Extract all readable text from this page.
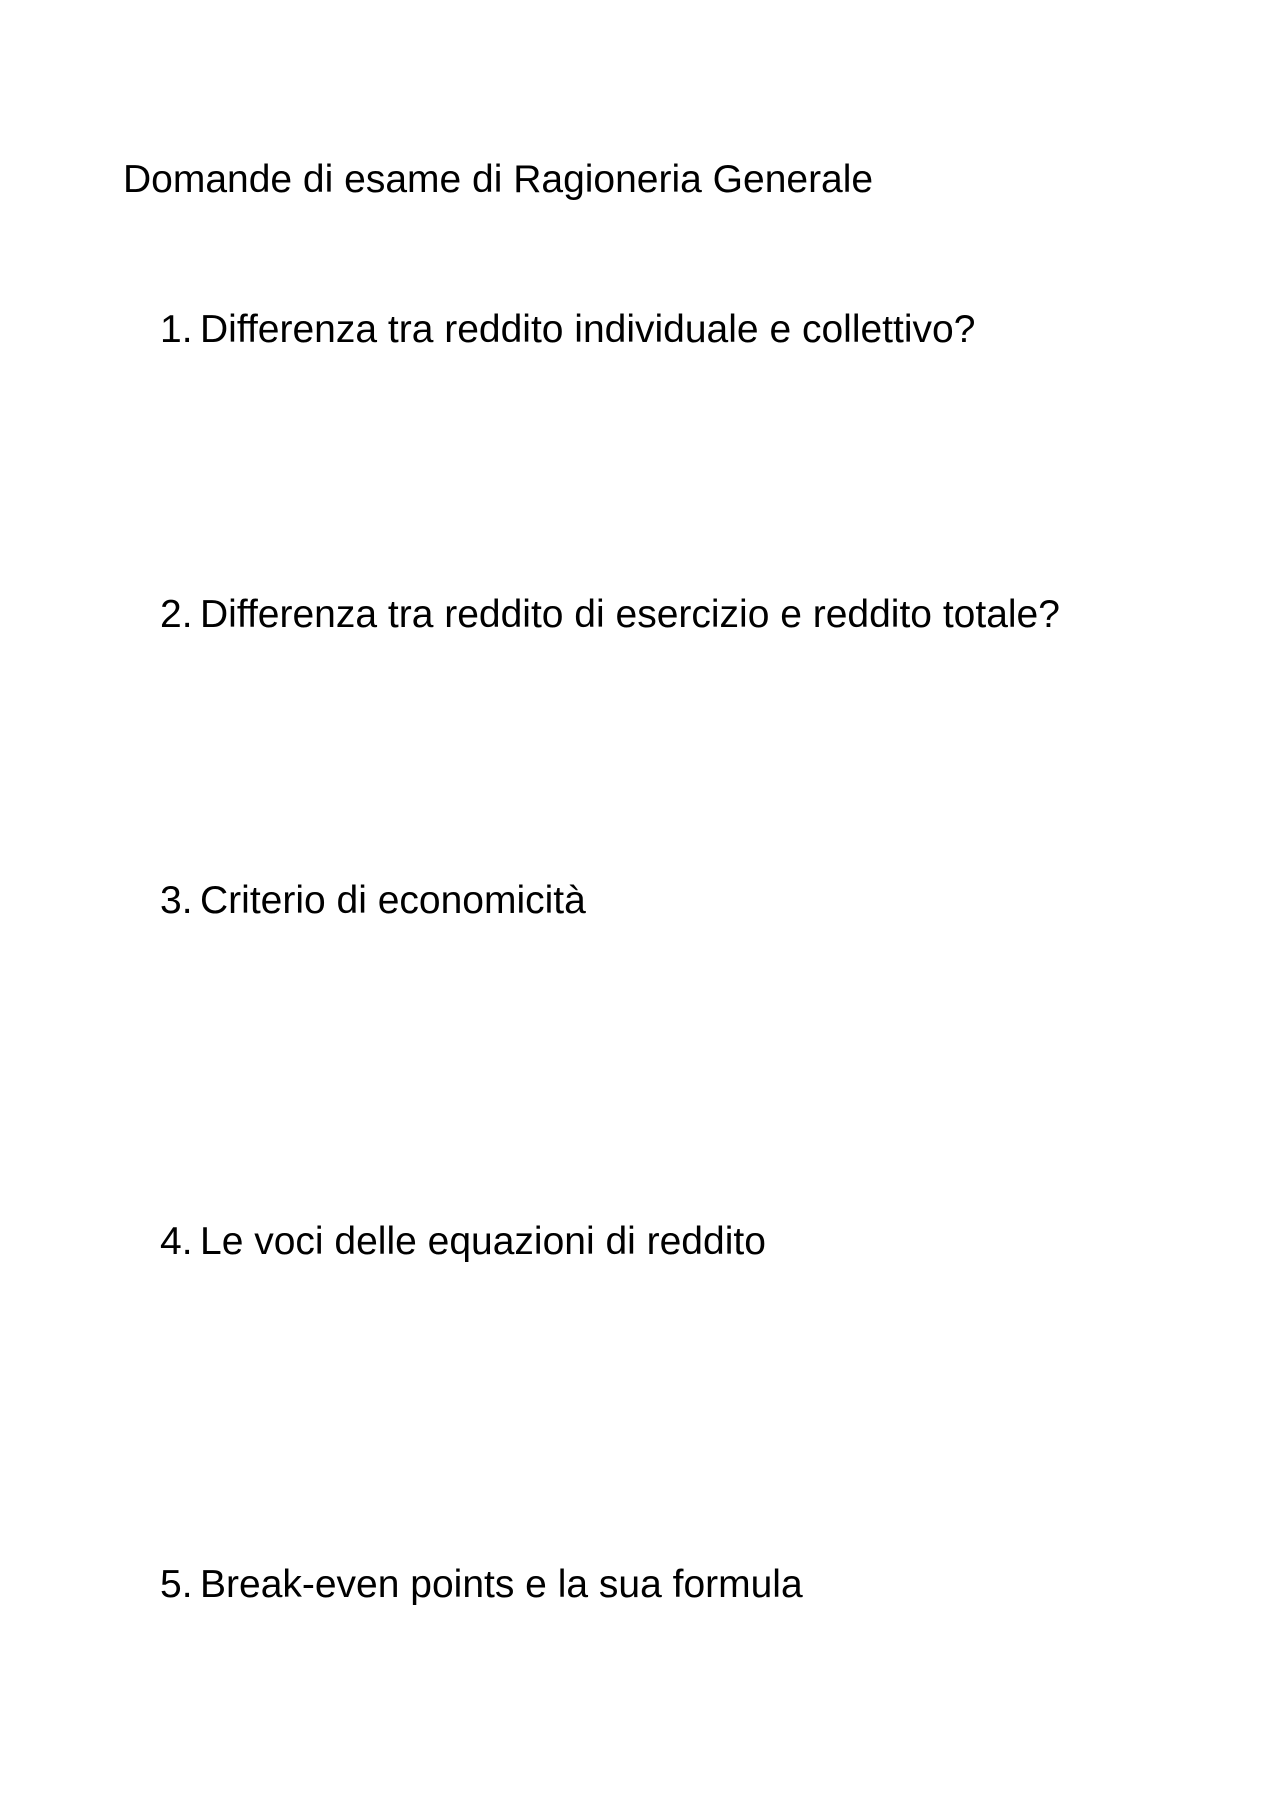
Domande di esame di Ragioneria Generale
1. Differenza tra reddito individuale e collettivo?
2. Differenza tra reddito di esercizio e reddito totale?
3. Criterio di economicità
4. Le voci delle equazioni di reddito
5. Break-even points e la sua formula
